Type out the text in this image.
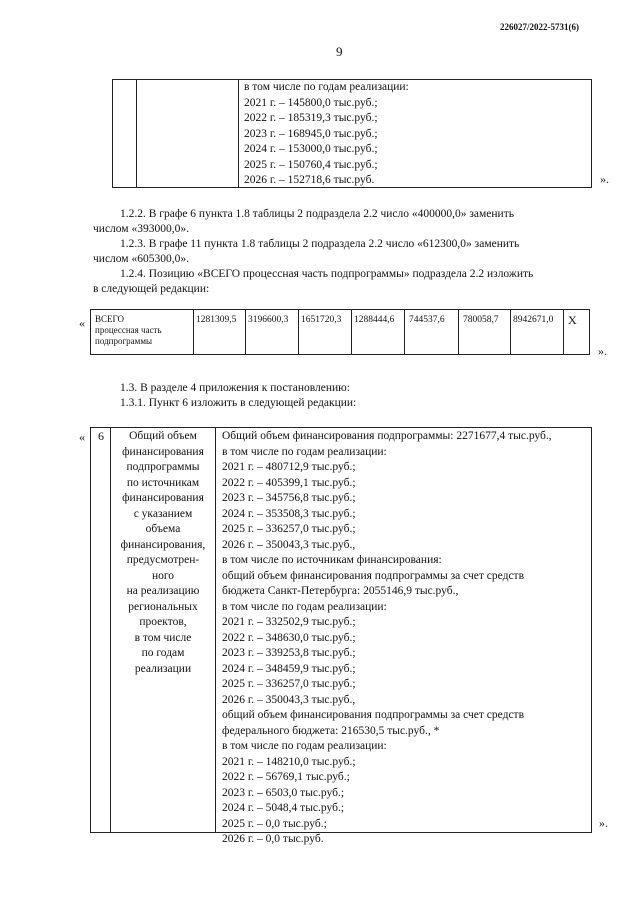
226027/2022-5731(6)
9
в том числе по годам реализации:
2021 г. – 145800,0 тыс.руб.;
2022 г. – 185319,3 тыс.руб.;
2023 г. – 168945,0 тыс.руб.;
2024 г. – 153000,0 тыс.руб.;
2025 г. – 150760,4 тыс.руб.;
2026 г. – 152718,6 тыс.руб.	».
1.2.2. В графе 6 пункта 1.8 таблицы 2 подраздела 2.2 число «400000,0» заменить
числом «393000,0».
1.2.3. В графе 11 пункта 1.8 таблицы 2 подраздела 2.2 число «612300,0» заменить
числом «605300,0».
1.2.4. Позицию «ВСЕГО процессная часть подпрограммы» подраздела 2.2 изложить
в следующей редакции:
« ВСЕГО
процессная часть
подпрограммы
1281309,5 3196600,3 1651720,3 1288444,6 744537,6 780058,7 8942671,0 Х
».
1.3. В разделе 4 приложения к постановлению:
1.3.1. Пункт 6 изложить в следующей редакции:
« 6	Общий объем
финансирования
подпрограммы
по источникам
финансирования
с указанием
объема
финансирования,
предусмотрен-
ного
на реализацию
региональных
проектов,
в том числе
по годам
реализации
Общий объем финансирования подпрограммы: 2271677,4 тыс.руб.,
в том числе по годам реализации:
2021 г. – 480712,9 тыс.руб.;
2022 г. – 405399,1 тыс.руб.;
2023 г. – 345756,8 тыс.руб.;
2024 г. – 353508,3 тыс.руб.;
2025 г. – 336257,0 тыс.руб.;
2026 г. – 350043,3 тыс.руб.,
в том числе по источникам финансирования:
общий объем финансирования подпрограммы за счет средств
бюджета Санкт-Петербурга: 2055146,9 тыс.руб.,
в том числе по годам реализации:
2021 г. – 332502,9 тыс.руб.;
2022 г. – 348630,0 тыс.руб.;
2023 г. – 339253,8 тыс.руб.;
2024 г. – 348459,9 тыс.руб.;
2025 г. – 336257,0 тыс.руб.;
2026 г. – 350043,3 тыс.руб.,
общий объем финансирования подпрограммы за счет средств
федерального бюджета: 216530,5 тыс.руб., *
в том числе по годам реализации:
2021 г. – 148210,0 тыс.руб.;
2022 г. – 56769,1 тыс.руб.;
2023 г. – 6503,0 тыс.руб.;
2024 г. – 5048,4 тыс.руб.;
2025 г. – 0,0 тыс.руб.;
2026 г. – 0,0 тыс.руб.
».
